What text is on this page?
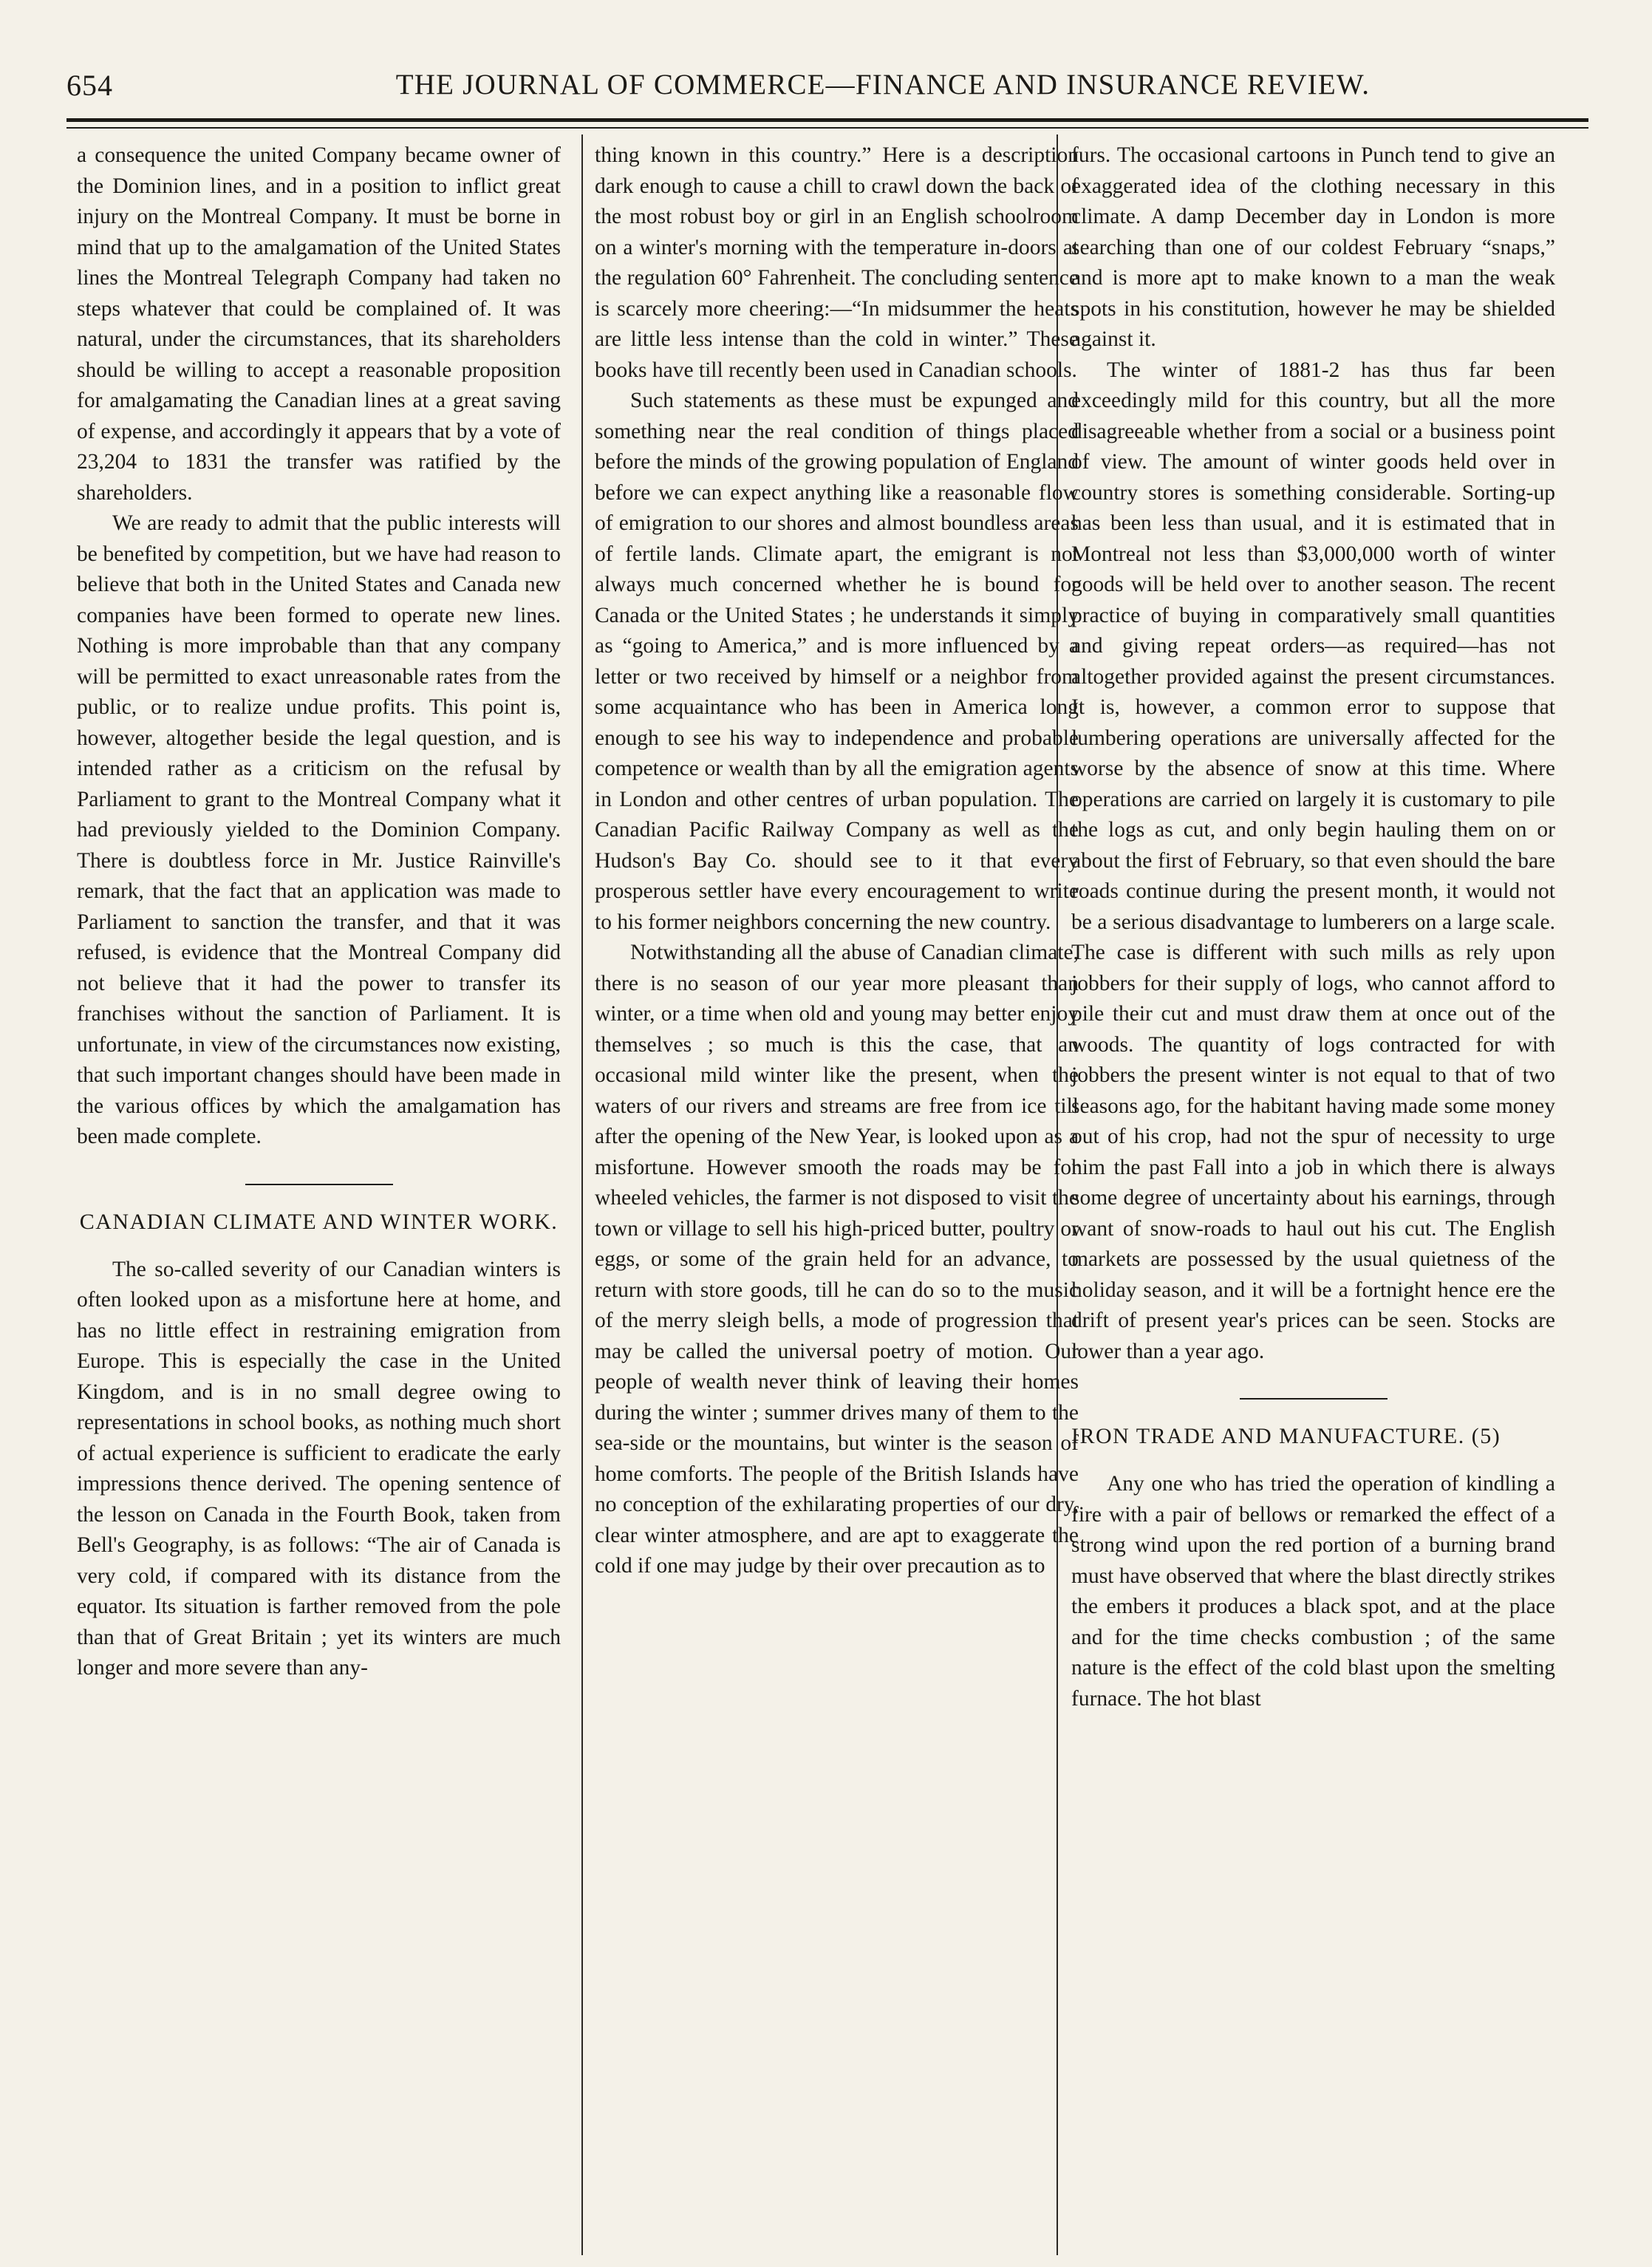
654	THE JOURNAL OF COMMERCE—FINANCE AND INSURANCE REVIEW.

a consequence the united Company became owner of the Dominion lines, and in a position to inflict great injury on the Montreal Company. It must be borne in mind that up to the amalgamation of the United States lines the Montreal Telegraph Company had taken no steps whatever that could be complained of. It was natural, under the circumstances, that its shareholders should be willing to accept a reasonable proposition for amalgamating the Canadian lines at a great saving of expense, and accordingly it appears that by a vote of 23,204 to 1831 the transfer was ratified by the shareholders.

We are ready to admit that the public interests will be benefited by competition, but we have had reason to believe that both in the United States and Canada new companies have been formed to operate new lines. Nothing is more improbable than that any company will be permitted to exact unreasonable rates from the public, or to realize undue profits. This point is, however, altogether beside the legal question, and is intended rather as a criticism on the refusal by Parliament to grant to the Montreal Company what it had previously yielded to the Dominion Company. There is doubtless force in Mr. Justice Rainville's remark, that the fact that an application was made to Parliament to sanction the transfer, and that it was refused, is evidence that the Montreal Company did not believe that it had the power to transfer its franchises without the sanction of Parliament. It is unfortunate, in view of the circumstances now existing, that such important changes should have been made in the various offices by which the amalgamation has been made complete.

CANADIAN CLIMATE AND WINTER WORK.

The so-called severity of our Canadian winters is often looked upon as a misfortune here at home, and has no little effect in restraining emigration from Europe. This is especially the case in the United Kingdom, and is in no small degree owing to representations in school books, as nothing much short of actual experience is sufficient to eradicate the early impressions thence derived. The opening sentence of the lesson on Canada in the Fourth Book, taken from Bell's Geography, is as follows: “The air of Canada is very cold, if compared with its distance from the equator. Its situation is farther removed from the pole than that of Great Britain ; yet its winters are much longer and more severe than any-

thing known in this country.” Here is a description dark enough to cause a chill to crawl down the back of the most robust boy or girl in an English schoolroom on a winter's morning with the temperature in-doors at the regulation 60° Fahrenheit. The concluding sentence is scarcely more cheering:—“In midsummer the heats are little less intense than the cold in winter.” These books have till recently been used in Canadian schools.

Such statements as these must be expunged and something near the real condition of things placed before the minds of the growing population of England before we can expect anything like a reasonable flow of emigration to our shores and almost boundless areas of fertile lands. Climate apart, the emigrant is not always much concerned whether he is bound for Canada or the United States ; he understands it simply as “going to America,” and is more influenced by a letter or two received by himself or a neighbor from some acquaintance who has been in America long enough to see his way to independence and probable competence or wealth than by all the emigration agents in London and other centres of urban population. The Canadian Pacific Railway Company as well as the Hudson's Bay Co. should see to it that every prosperous settler have every encouragement to write to his former neighbors concerning the new country.

Notwithstanding all the abuse of Canadian climate, there is no season of our year more pleasant than winter, or a time when old and young may better enjoy themselves ; so much is this the case, that an occasional mild winter like the present, when the waters of our rivers and streams are free from ice till after the opening of the New Year, is looked upon as a misfortune. However smooth the roads may be for wheeled vehicles, the farmer is not disposed to visit the town or village to sell his high-priced butter, poultry or eggs, or some of the grain held for an advance, to return with store goods, till he can do so to the music of the merry sleigh bells, a mode of progression that may be called the universal poetry of motion. Our people of wealth never think of leaving their homes during the winter ; summer drives many of them to the sea-side or the mountains, but winter is the season of home comforts. The people of the British Islands have no conception of the exhilarating properties of our dry, clear winter atmosphere, and are apt to exaggerate the cold if one may judge by their over precaution as to

furs. The occasional cartoons in Punch tend to give an exaggerated idea of the clothing necessary in this climate. A damp December day in London is more searching than one of our coldest February “snaps,” and is more apt to make known to a man the weak spots in his constitution, however he may be shielded against it.

The winter of 1881-2 has thus far been exceedingly mild for this country, but all the more disagreeable whether from a social or a business point of view. The amount of winter goods held over in country stores is something considerable. Sorting-up has been less than usual, and it is estimated that in Montreal not less than $3,000,000 worth of winter goods will be held over to another season. The recent practice of buying in comparatively small quantities and giving repeat orders—as required—has not altogether provided against the present circumstances. It is, however, a common error to suppose that lumbering operations are universally affected for the worse by the absence of snow at this time. Where operations are carried on largely it is customary to pile the logs as cut, and only begin hauling them on or about the first of February, so that even should the bare roads continue during the present month, it would not be a serious disadvantage to lumberers on a large scale. The case is different with such mills as rely upon jobbers for their supply of logs, who cannot afford to pile their cut and must draw them at once out of the woods. The quantity of logs contracted for with jobbers the present winter is not equal to that of two seasons ago, for the habitant having made some money out of his crop, had not the spur of necessity to urge him the past Fall into a job in which there is always some degree of uncertainty about his earnings, through want of snow-roads to haul out his cut. The English markets are possessed by the usual quietness of the holiday season, and it will be a fortnight hence ere the drift of present year's prices can be seen. Stocks are lower than a year ago.

IRON TRADE AND MANUFACTURE. (5)

Any one who has tried the operation of kindling a fire with a pair of bellows or remarked the effect of a strong wind upon the red portion of a burning brand must have observed that where the blast directly strikes the embers it produces a black spot, and at the place and for the time checks combustion ; of the same nature is the effect of the cold blast upon the smelting furnace. The hot blast
